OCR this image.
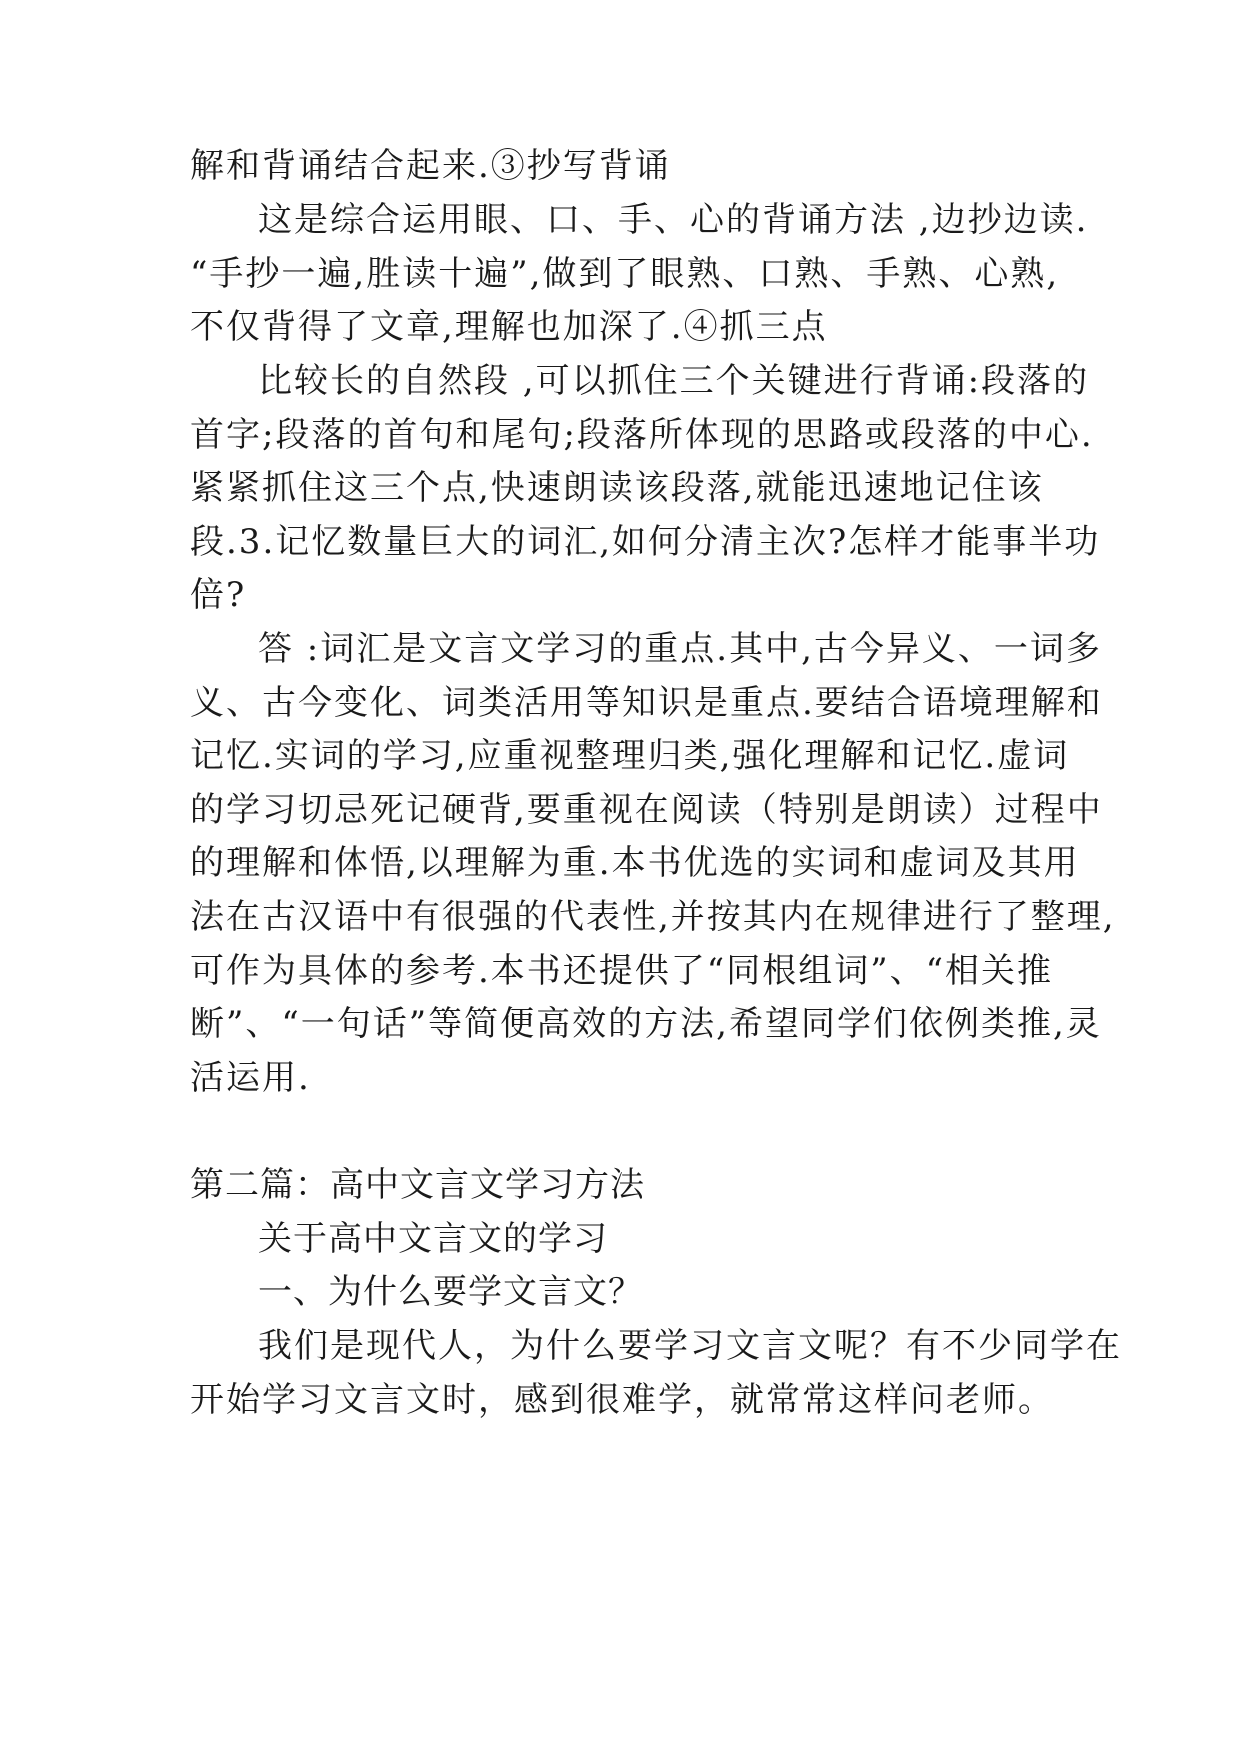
解和背诵结合起来.③抄写背诵
这是综合运用眼、口、手、心的背诵方法 ,边抄边读.
“手抄一遍,胜读十遍”,做到了眼熟、口熟、手熟、心熟,
不仅背得了文章,理解也加深了.④抓三点
比较长的自然段 ,可以抓住三个关键进行背诵:段落的
首字;段落的首句和尾句;段落所体现的思路或段落的中心.
紧紧抓住这三个点,快速朗读该段落,就能迅速地记住该
段.3.记忆数量巨大的词汇,如何分清主次?怎样才能事半功
倍?
答 :词汇是文言文学习的重点.其中,古今异义、一词多
义、古今变化、词类活用等知识是重点.要结合语境理解和
记忆.实词的学习,应重视整理归类,强化理解和记忆.虚词
的学习切忌死记硬背,要重视在阅读（特别是朗读）过程中
的理解和体悟,以理解为重.本书优选的实词和虚词及其用
法在古汉语中有很强的代表性,并按其内在规律进行了整理,
可作为具体的参考.本书还提供了“同根组词”、“相关推
断”、“一句话”等简便高效的方法,希望同学们依例类推,灵
活运用.
第二篇：高中文言文学习方法
关于高中文言文的学习
一、为什么要学文言文？
我们是现代人，为什么要学习文言文呢？有不少同学在
开始学习文言文时，感到很难学，就常常这样问老师。
